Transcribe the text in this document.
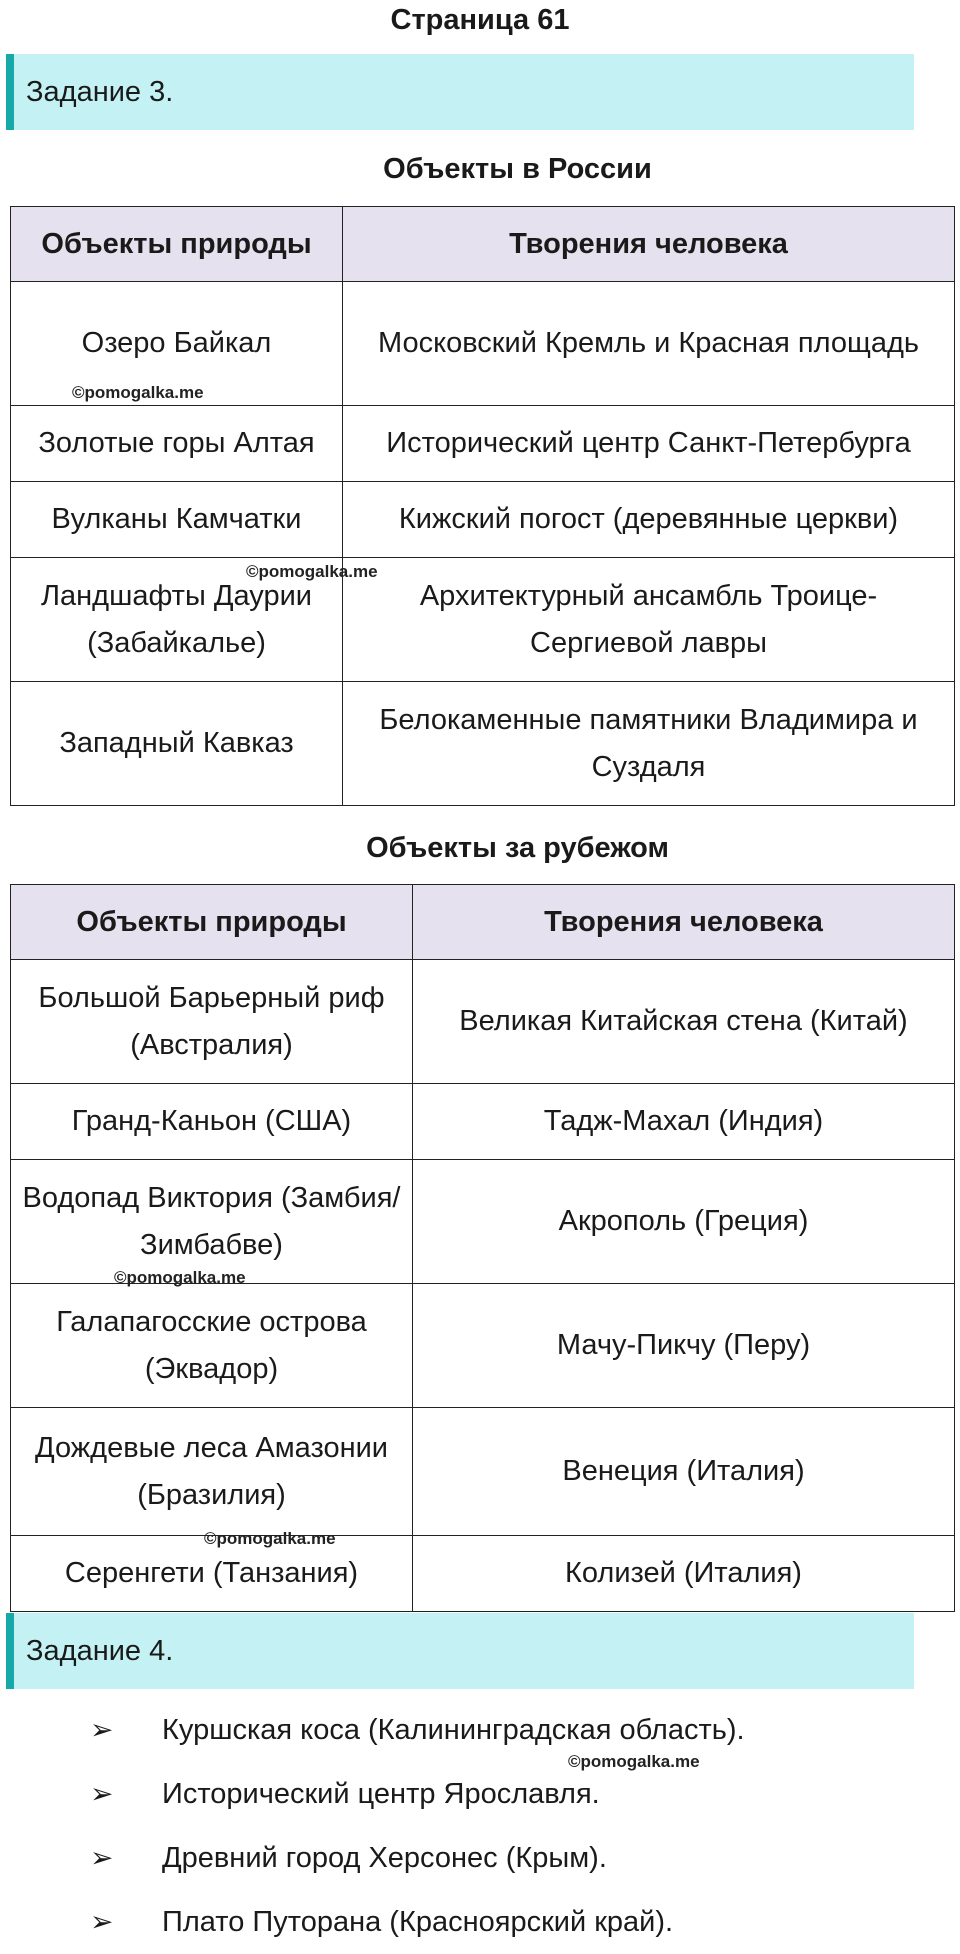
Страница 61
Задание 3.
Объекты в России
Объекты природы	Творения человека
Озеро Байкал	Московский Кремль и Красная площадь
Золотые горы Алтая	Исторический центр Санкт-Петербурга
Вулканы Камчатки	Кижский погост (деревянные церкви)
Ландшафты Даурии (Забайкалье)	Архитектурный ансамбль Троице-Сергиевой лавры
Западный Кавказ	Белокаменные памятники Владимира и Суздаля
Объекты за рубежом
Объекты природы	Творения человека
Большой Барьерный риф (Австралия)	Великая Китайская стена (Китай)
Гранд-Каньон (США)	Тадж-Махал (Индия)
Водопад Виктория (Замбия/Зимбабве)	Акрополь (Греция)
Галапагосские острова (Эквадор)	Мачу-Пикчу (Перу)
Дождевые леса Амазонии (Бразилия)	Венеция (Италия)
Серенгети (Танзания)	Колизей (Италия)
Задание 4.
➢ Куршская коса (Калининградская область).
➢ Исторический центр Ярославля.
➢ Древний город Херсонес (Крым).
➢ Плато Путорана (Красноярский край).
©pomogalka.me
©pomogalka.me
©pomogalka.me
©pomogalka.me
©pomogalka.me
